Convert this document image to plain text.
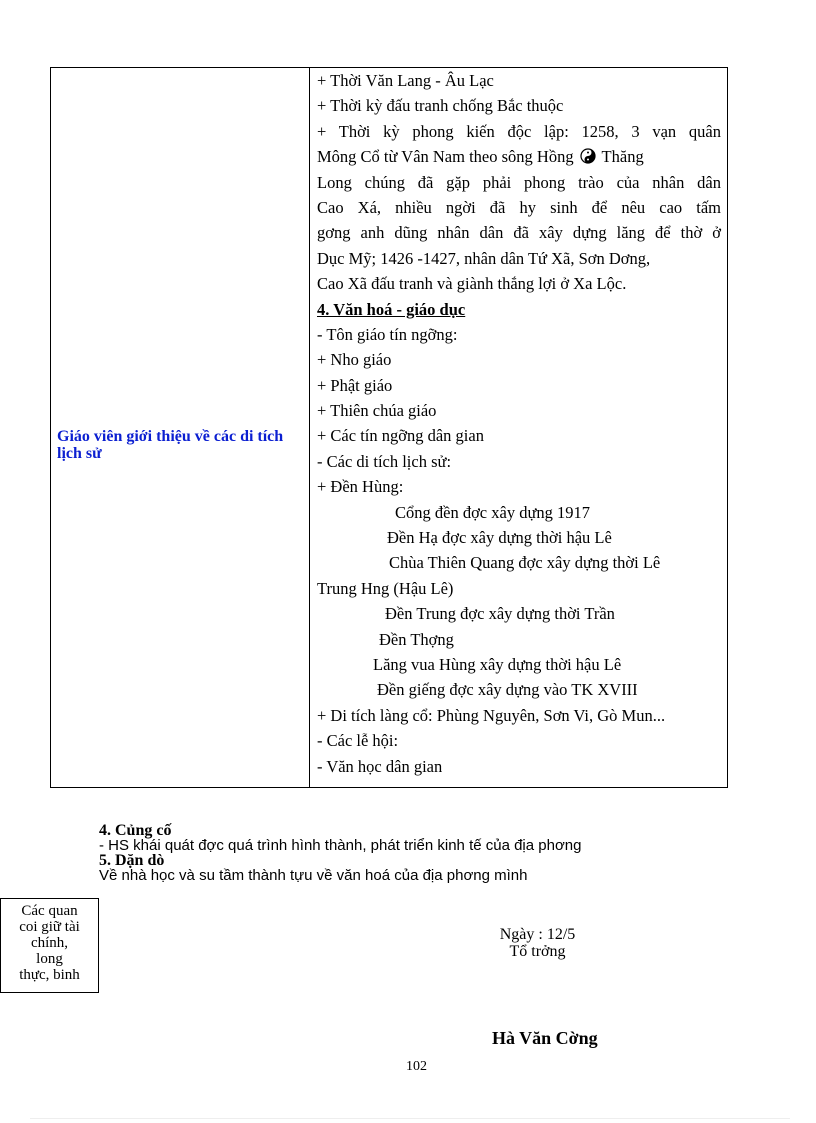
Giáo viên giới thiệu về các di tích lịch sử
+ Thời Văn Lang - Âu Lạc
+ Thời kỳ đấu tranh chống Bắc thuộc
+ Thời kỳ phong kiến độc lập: 1258, 3 vạn quân
Mông Cổ từ Vân Nam theo sông Hồng Thăng
Long chúng đã gặp phải phong trào của nhân dân
Cao Xá, nhiều ngời đã hy sinh để nêu cao tấm
gơng anh dũng nhân dân đã xây dựng lăng để thờ ở
Dục Mỹ; 1426 -1427, nhân dân Tứ Xã, Sơn Dơng,
Cao Xã đấu tranh và giành thắng lợi ở Xa Lộc.
4. Văn hoá - giáo dục
- Tôn giáo tín ngỡng:
+ Nho giáo
+ Phật giáo
+ Thiên chúa giáo
+ Các tín ngỡng dân gian
- Các di tích lịch sử:
+ Đền Hùng:
Cổng đền đợc xây dựng 1917
Đền Hạ đợc xây dựng thời hậu Lê
Chùa Thiên Quang đợc xây dựng thời Lê
Trung Hng (Hậu Lê)
Đền Trung đợc xây dựng thời Trần
Đền Thợng
Lăng vua Hùng xây dựng thời hậu Lê
Đền giếng đợc xây dựng vào TK XVIII
+ Di tích làng cổ: Phùng Nguyên, Sơn Vi, Gò Mun...
- Các lễ hội:
- Văn học dân gian
4. Củng cố
- HS khái quát đợc quá trình hình thành, phát triển kinh tế của địa phơng
5. Dặn dò
Về nhà học và su tầm thành tựu về văn hoá của địa phơng mình
Các quan
coi giữ tài
chính,
long
thực, binh
Ngày : 12/5
Tổ trởng
Hà Văn Cờng
102
